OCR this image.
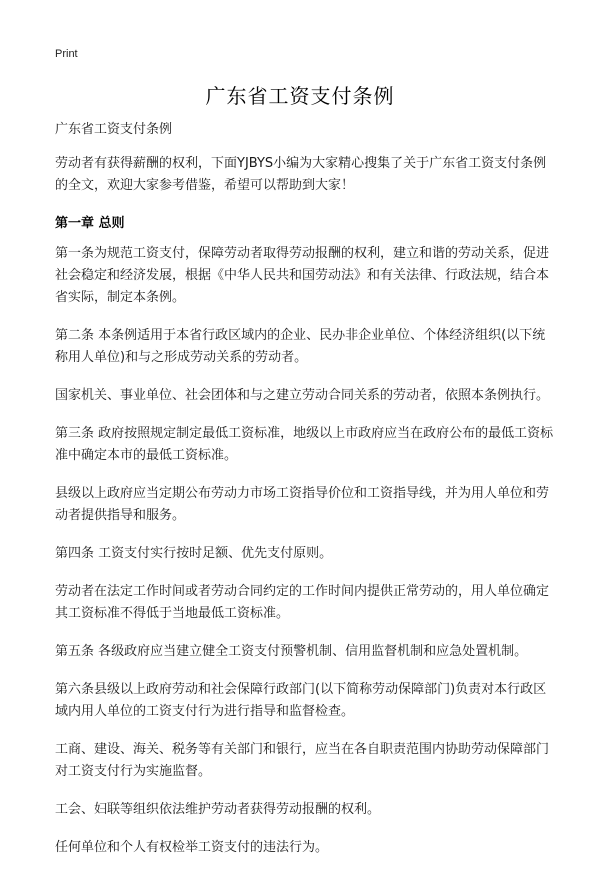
Print
广东省工资支付条例

广东省工资支付条例

劳动者有获得薪酬的权利，下面YJBYS小编为大家精心搜集了关于广东省工资支付条例的全文，欢迎大家参考借鉴，希望可以帮助到大家！

第一章 总则

第一条为规范工资支付，保障劳动者取得劳动报酬的权利，建立和谐的劳动关系，促进社会稳定和经济发展，根据《中华人民共和国劳动法》和有关法律、行政法规，结合本省实际，制定本条例。

第二条 本条例适用于本省行政区域内的企业、民办非企业单位、个体经济组织(以下统称用人单位)和与之形成劳动关系的劳动者。

国家机关、事业单位、社会团体和与之建立劳动合同关系的劳动者，依照本条例执行。

第三条 政府按照规定制定最低工资标准，地级以上市政府应当在政府公布的最低工资标准中确定本市的最低工资标准。

县级以上政府应当定期公布劳动力市场工资指导价位和工资指导线，并为用人单位和劳动者提供指导和服务。

第四条 工资支付实行按时足额、优先支付原则。

劳动者在法定工作时间或者劳动合同约定的工作时间内提供正常劳动的，用人单位确定其工资标准不得低于当地最低工资标准。

第五条 各级政府应当建立健全工资支付预警机制、信用监督机制和应急处置机制。

第六条县级以上政府劳动和社会保障行政部门(以下简称劳动保障部门)负责对本行政区域内用人单位的工资支付行为进行指导和监督检查。

工商、建设、海关、税务等有关部门和银行，应当在各自职责范围内协助劳动保障部门对工资支付行为实施监督。

工会、妇联等组织依法维护劳动者获得劳动报酬的权利。

任何单位和个人有权检举工资支付的违法行为。
